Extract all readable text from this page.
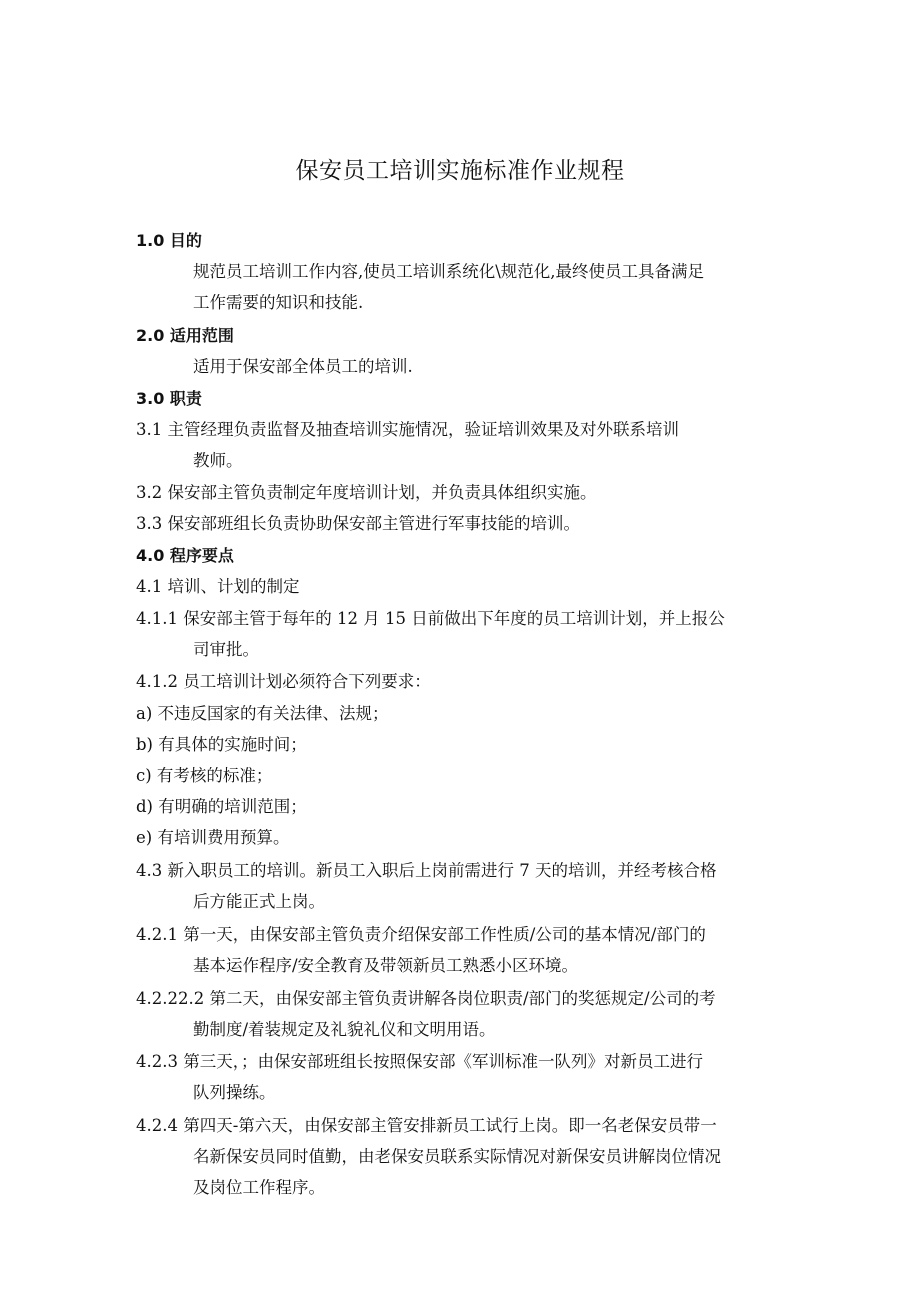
保安员工培训实施标准作业规程
1.0 目的
规范员工培训工作内容,使员工培训系统化\规范化,最终使员工具备满足
工作需要的知识和技能.
2.0 适用范围
适用于保安部全体员工的培训.
3.0 职责
3.1 主管经理负责监督及抽查培训实施情况，验证培训效果及对外联系培训
教师。
3.2 保安部主管负责制定年度培训计划，并负责具体组织实施。
3.3 保安部班组长负责协助保安部主管进行军事技能的培训。
4.0 程序要点
4.1 培训、计划的制定
4.1.1 保安部主管于每年的 12 月 15 日前做出下年度的员工培训计划，并上报公
司审批。
4.1.2 员工培训计划必须符合下列要求：
a) 不违反国家的有关法律、法规；
b) 有具体的实施时间；
c) 有考核的标准；
d) 有明确的培训范围；
e) 有培训费用预算。
4.3 新入职员工的培训。新员工入职后上岗前需进行 7 天的培训，并经考核合格
后方能正式上岗。
4.2.1 第一天，由保安部主管负责介绍保安部工作性质/公司的基本情况/部门的
基本运作程序/安全教育及带领新员工熟悉小区环境。
4.2.22.2 第二天，由保安部主管负责讲解各岗位职责/部门的奖惩规定/公司的考
勤制度/着装规定及礼貌礼仪和文明用语。
4.2.3 第三天，；由保安部班组长按照保安部《军训标准一队列》对新员工进行
队列操练。
4.2.4 第四天-第六天，由保安部主管安排新员工试行上岗。即一名老保安员带一
名新保安员同时值勤，由老保安员联系实际情况对新保安员讲解岗位情况
及岗位工作程序。
